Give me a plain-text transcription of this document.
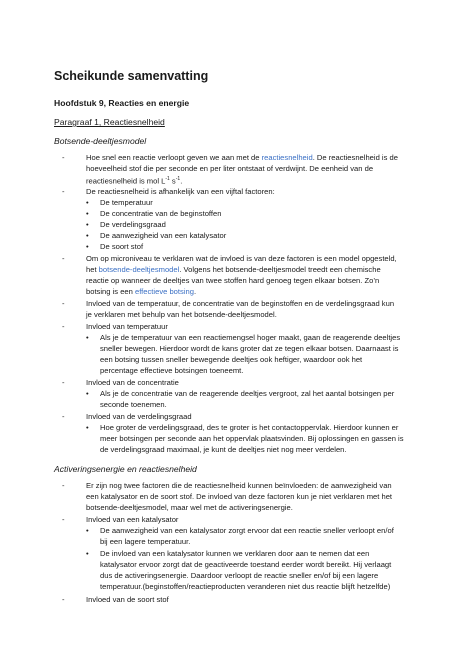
Scheikunde samenvatting
Hoofdstuk 9, Reacties en energie
Paragraaf 1, Reactiesnelheid
Botsende-deeltjesmodel
-	Hoe snel een reactie verloopt geven we aan met de reactiesnelheid. De reactiesnelheid is de
hoeveelheid stof die per seconde en per liter ontstaat of verdwijnt. De eenheid van de
reactiesnelheid is mol $L^{-1}$ $s^{-1}$.
-	De reactiesnelheid is afhankelijk van een vijftal factoren:
• De temperatuur
• De concentratie van de beginstoffen
• De verdelingsgraad
• De aanwezigheid van een katalysator
• De soort stof
-	Om op microniveau te verklaren wat de invloed is van deze factoren is een model opgesteld,
het botsende-deeltjesmodel. Volgens het botsende-deeltjesmodel treedt een chemische
reactie op wanneer de deeltjes van twee stoffen hard genoeg tegen elkaar botsen. Zo’n
botsing is een effectieve botsing.
-	Invloed van de temperatuur, de concentratie van de beginstoffen en de verdelingsgraad kun
je verklaren met behulp van het botsende-deeltjesmodel.
-	Invloed van temperatuur
• Als je de temperatuur van een reactiemengsel hoger maakt, gaan de reagerende deeltjes
sneller bewegen. Hierdoor wordt de kans groter dat ze tegen elkaar botsen. Daarnaast is
een botsing tussen sneller bewegende deeltjes ook heftiger, waardoor ook het
percentage effectieve botsingen toeneemt.
-	Invloed van de concentratie
• Als je de concentratie van de reagerende deeltjes vergroot, zal het aantal botsingen per
seconde toenemen.
-	Invloed van de verdelingsgraad
• Hoe groter de verdelingsgraad, des te groter is het contactoppervlak. Hierdoor kunnen er
meer botsingen per seconde aan het oppervlak plaatsvinden. Bij oplossingen en gassen is
de verdelingsgraad maximaal, je kunt de deeltjes niet nog meer verdelen.
Activeringsenergie en reactiesnelheid
-	Er zijn nog twee factoren die de reactiesnelheid kunnen beïnvloeden: de aanwezigheid van
een katalysator en de soort stof. De invloed van deze factoren kun je niet verklaren met het
botsende-deeltjesmodel, maar wel met de activeringsenergie.
-	Invloed van een katalysator
• De aanwezigheid van een katalysator zorgt ervoor dat een reactie sneller verloopt en/of
bij een lagere temperatuur.
• De invloed van een katalysator kunnen we verklaren door aan te nemen dat een
katalysator ervoor zorgt dat de geactiveerde toestand eerder wordt bereikt. Hij verlaagt
dus de activeringsenergie. Daardoor verloopt de reactie sneller en/of bij een lagere
temperatuur.(beginstoffen/reactieproducten veranderen niet dus reactie blijft hetzelfde)
-	Invloed van de soort stof
